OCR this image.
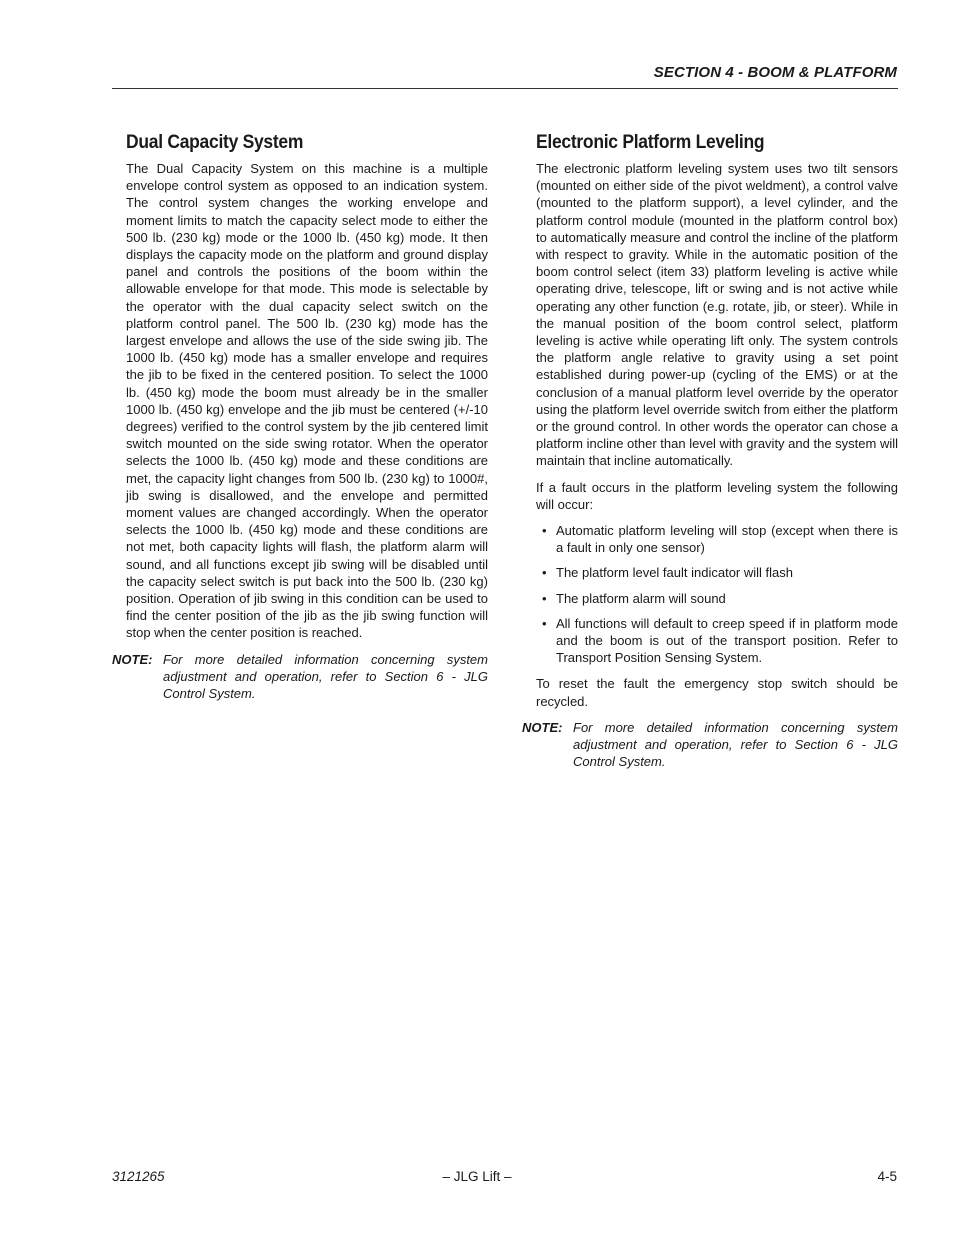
SECTION 4 - BOOM & PLATFORM
Dual Capacity System

The Dual Capacity System on this machine is a multiple envelope control system as opposed to an indication system. The control system changes the working envelope and moment limits to match the capacity select mode to either the 500 lb. (230 kg) mode or the 1000 lb. (450 kg) mode. It then displays the capacity mode on the platform and ground display panel and controls the positions of the boom within the allowable envelope for that mode. This mode is selectable by the operator with the dual capacity select switch on the platform control panel. The 500 lb. (230 kg) mode has the largest envelope and allows the use of the side swing jib. The 1000 lb. (450 kg) mode has a smaller envelope and requires the jib to be fixed in the centered position. To select the 1000 lb. (450 kg) mode the boom must already be in the smaller 1000 lb. (450 kg) envelope and the jib must be centered (+/-10 degrees) verified to the control system by the jib centered limit switch mounted on the side swing rotator. When the operator selects the 1000 lb. (450 kg) mode and these conditions are met, the capacity light changes from 500 lb. (230 kg) to 1000#, jib swing is disallowed, and the envelope and permitted moment values are changed accordingly. When the operator selects the 1000 lb. (450 kg) mode and these conditions are not met, both capacity lights will flash, the platform alarm will sound, and all functions except jib swing will be disabled until the capacity select switch is put back into the 500 lb. (230 kg) position. Operation of jib swing in this condition can be used to find the center position of the jib as the jib swing function will stop when the center position is reached.

NOTE: For more detailed information concerning system adjustment and operation, refer to Section 6 - JLG Control System.
Electronic Platform Leveling

The electronic platform leveling system uses two tilt sensors (mounted on either side of the pivot weldment), a control valve (mounted to the platform support), a level cylinder, and the platform control module (mounted in the platform control box) to automatically measure and control the incline of the platform with respect to gravity. While in the automatic position of the boom control select (item 33) platform leveling is active while operating drive, telescope, lift or swing and is not active while operating any other function (e.g. rotate, jib, or steer). While in the manual position of the boom control select, platform leveling is active while operating lift only. The system controls the platform angle relative to gravity using a set point established during power-up (cycling of the EMS) or at the conclusion of a manual platform level override by the operator using the platform level override switch from either the platform or the ground control. In other words the operator can chose a platform incline other than level with gravity and the system will maintain that incline automatically.

If a fault occurs in the platform leveling system the following will occur:

• Automatic platform leveling will stop (except when there is a fault in only one sensor)
• The platform level fault indicator will flash
• The platform alarm will sound
• All functions will default to creep speed if in platform mode and the boom is out of the transport position. Refer to Transport Position Sensing System.

To reset the fault the emergency stop switch should be recycled.

NOTE: For more detailed information concerning system adjustment and operation, refer to Section 6 - JLG Control System.
3121265	– JLG Lift –	4-5
